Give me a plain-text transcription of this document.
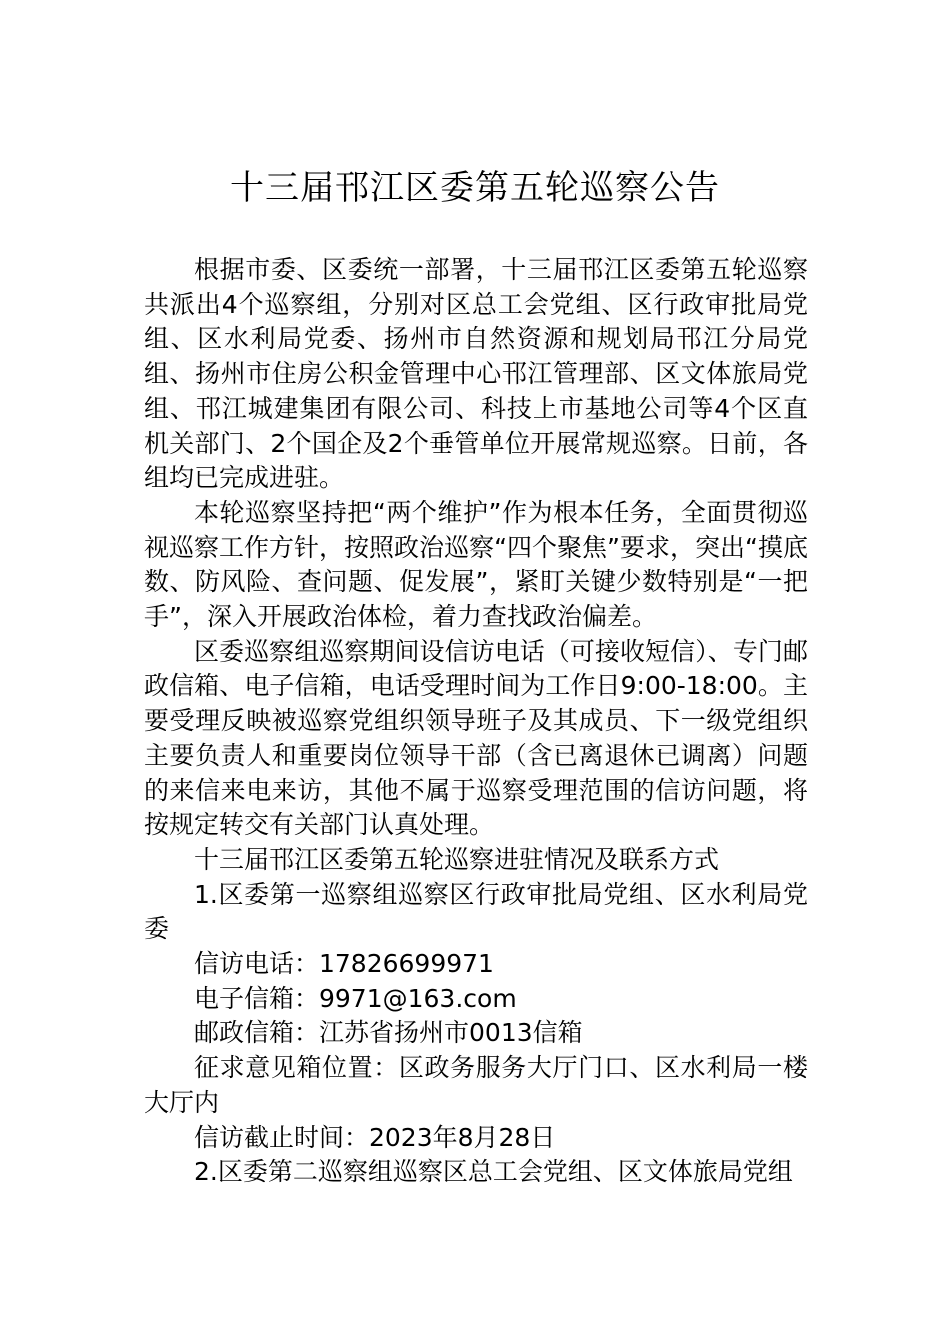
十三届邗江区委第五轮巡察公告

根据市委、区委统一部署，十三届邗江区委第五轮巡察共派出4个巡察组，分别对区总工会党组、区行政审批局党组、区水利局党委、扬州市自然资源和规划局邗江分局党组、扬州市住房公积金管理中心邗江管理部、区文体旅局党组、邗江城建集团有限公司、科技上市基地公司等4个区直机关部门、2个国企及2个垂管单位开展常规巡察。日前，各组均已完成进驻。

本轮巡察坚持把“两个维护”作为根本任务，全面贯彻巡视巡察工作方针，按照政治巡察“四个聚焦”要求，突出“摸底数、防风险、查问题、促发展”，紧盯关键少数特别是“一把手”，深入开展政治体检，着力查找政治偏差。

区委巡察组巡察期间设信访电话（可接收短信）、专门邮政信箱、电子信箱，电话受理时间为工作日9:00-18:00。主要受理反映被巡察党组织领导班子及其成员、下一级党组织主要负责人和重要岗位领导干部（含已离退休已调离）问题的来信来电来访，其他不属于巡察受理范围的信访问题，将按规定转交有关部门认真处理。

十三届邗江区委第五轮巡察进驻情况及联系方式

1.区委第一巡察组巡察区行政审批局党组、区水利局党委

信访电话：17826699971

电子信箱：9971@163.com

邮政信箱：江苏省扬州市0013信箱

征求意见箱位置：区政务服务大厅门口、区水利局一楼大厅内

信访截止时间：2023年8月28日

2.区委第二巡察组巡察区总工会党组、区文体旅局党组
